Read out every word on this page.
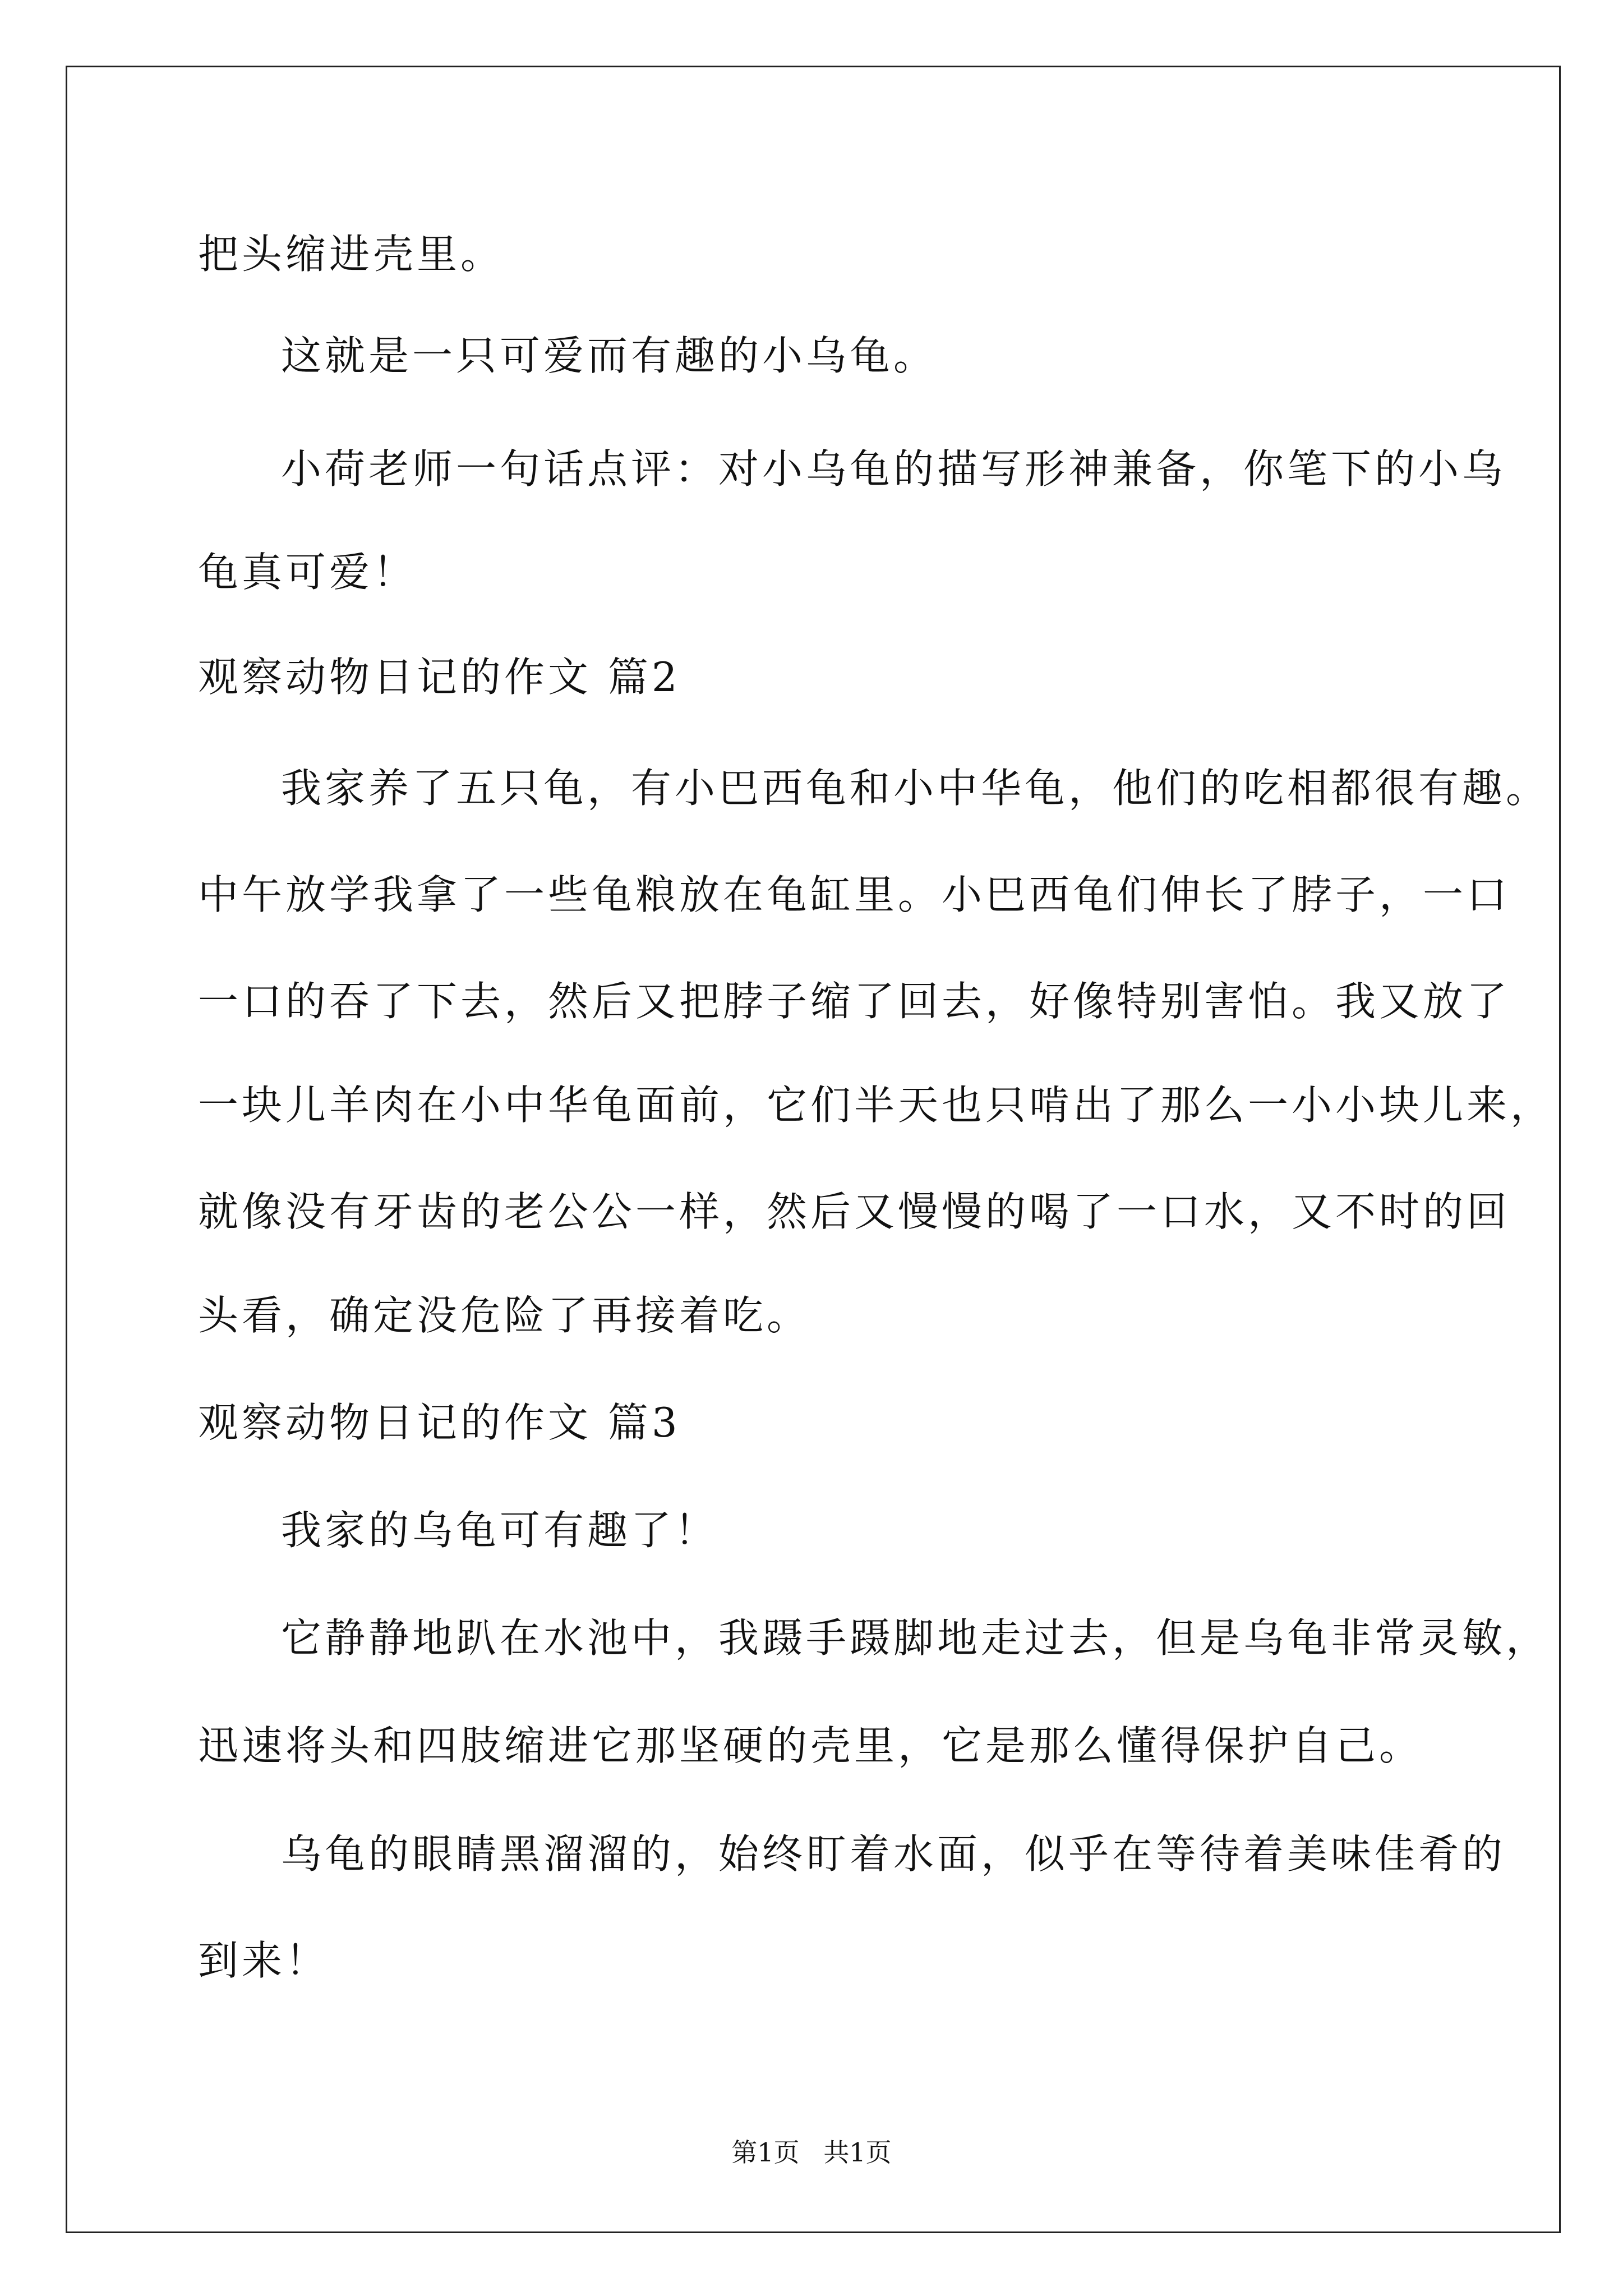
把头缩进壳里。
这就是一只可爱而有趣的小乌龟。
小荷老师一句话点评：对小乌龟的描写形神兼备，你笔下的小乌
龟真可爱！
观察动物日记的作文 篇2
我家养了五只龟，有小巴西龟和小中华龟，他们的吃相都很有趣。
中午放学我拿了一些龟粮放在龟缸里。小巴西龟们伸长了脖子，一口
一口的吞了下去，然后又把脖子缩了回去，好像特别害怕。我又放了
一块儿羊肉在小中华龟面前，它们半天也只啃出了那么一小小块儿来，
就像没有牙齿的老公公一样，然后又慢慢的喝了一口水，又不时的回
头看，确定没危险了再接着吃。
观察动物日记的作文 篇3
我家的乌龟可有趣了！
它静静地趴在水池中，我蹑手蹑脚地走过去，但是乌龟非常灵敏，
迅速将头和四肢缩进它那坚硬的壳里，它是那么懂得保护自己。
乌龟的眼睛黑溜溜的，始终盯着水面，似乎在等待着美味佳肴的
到来！
第1页 共1页
